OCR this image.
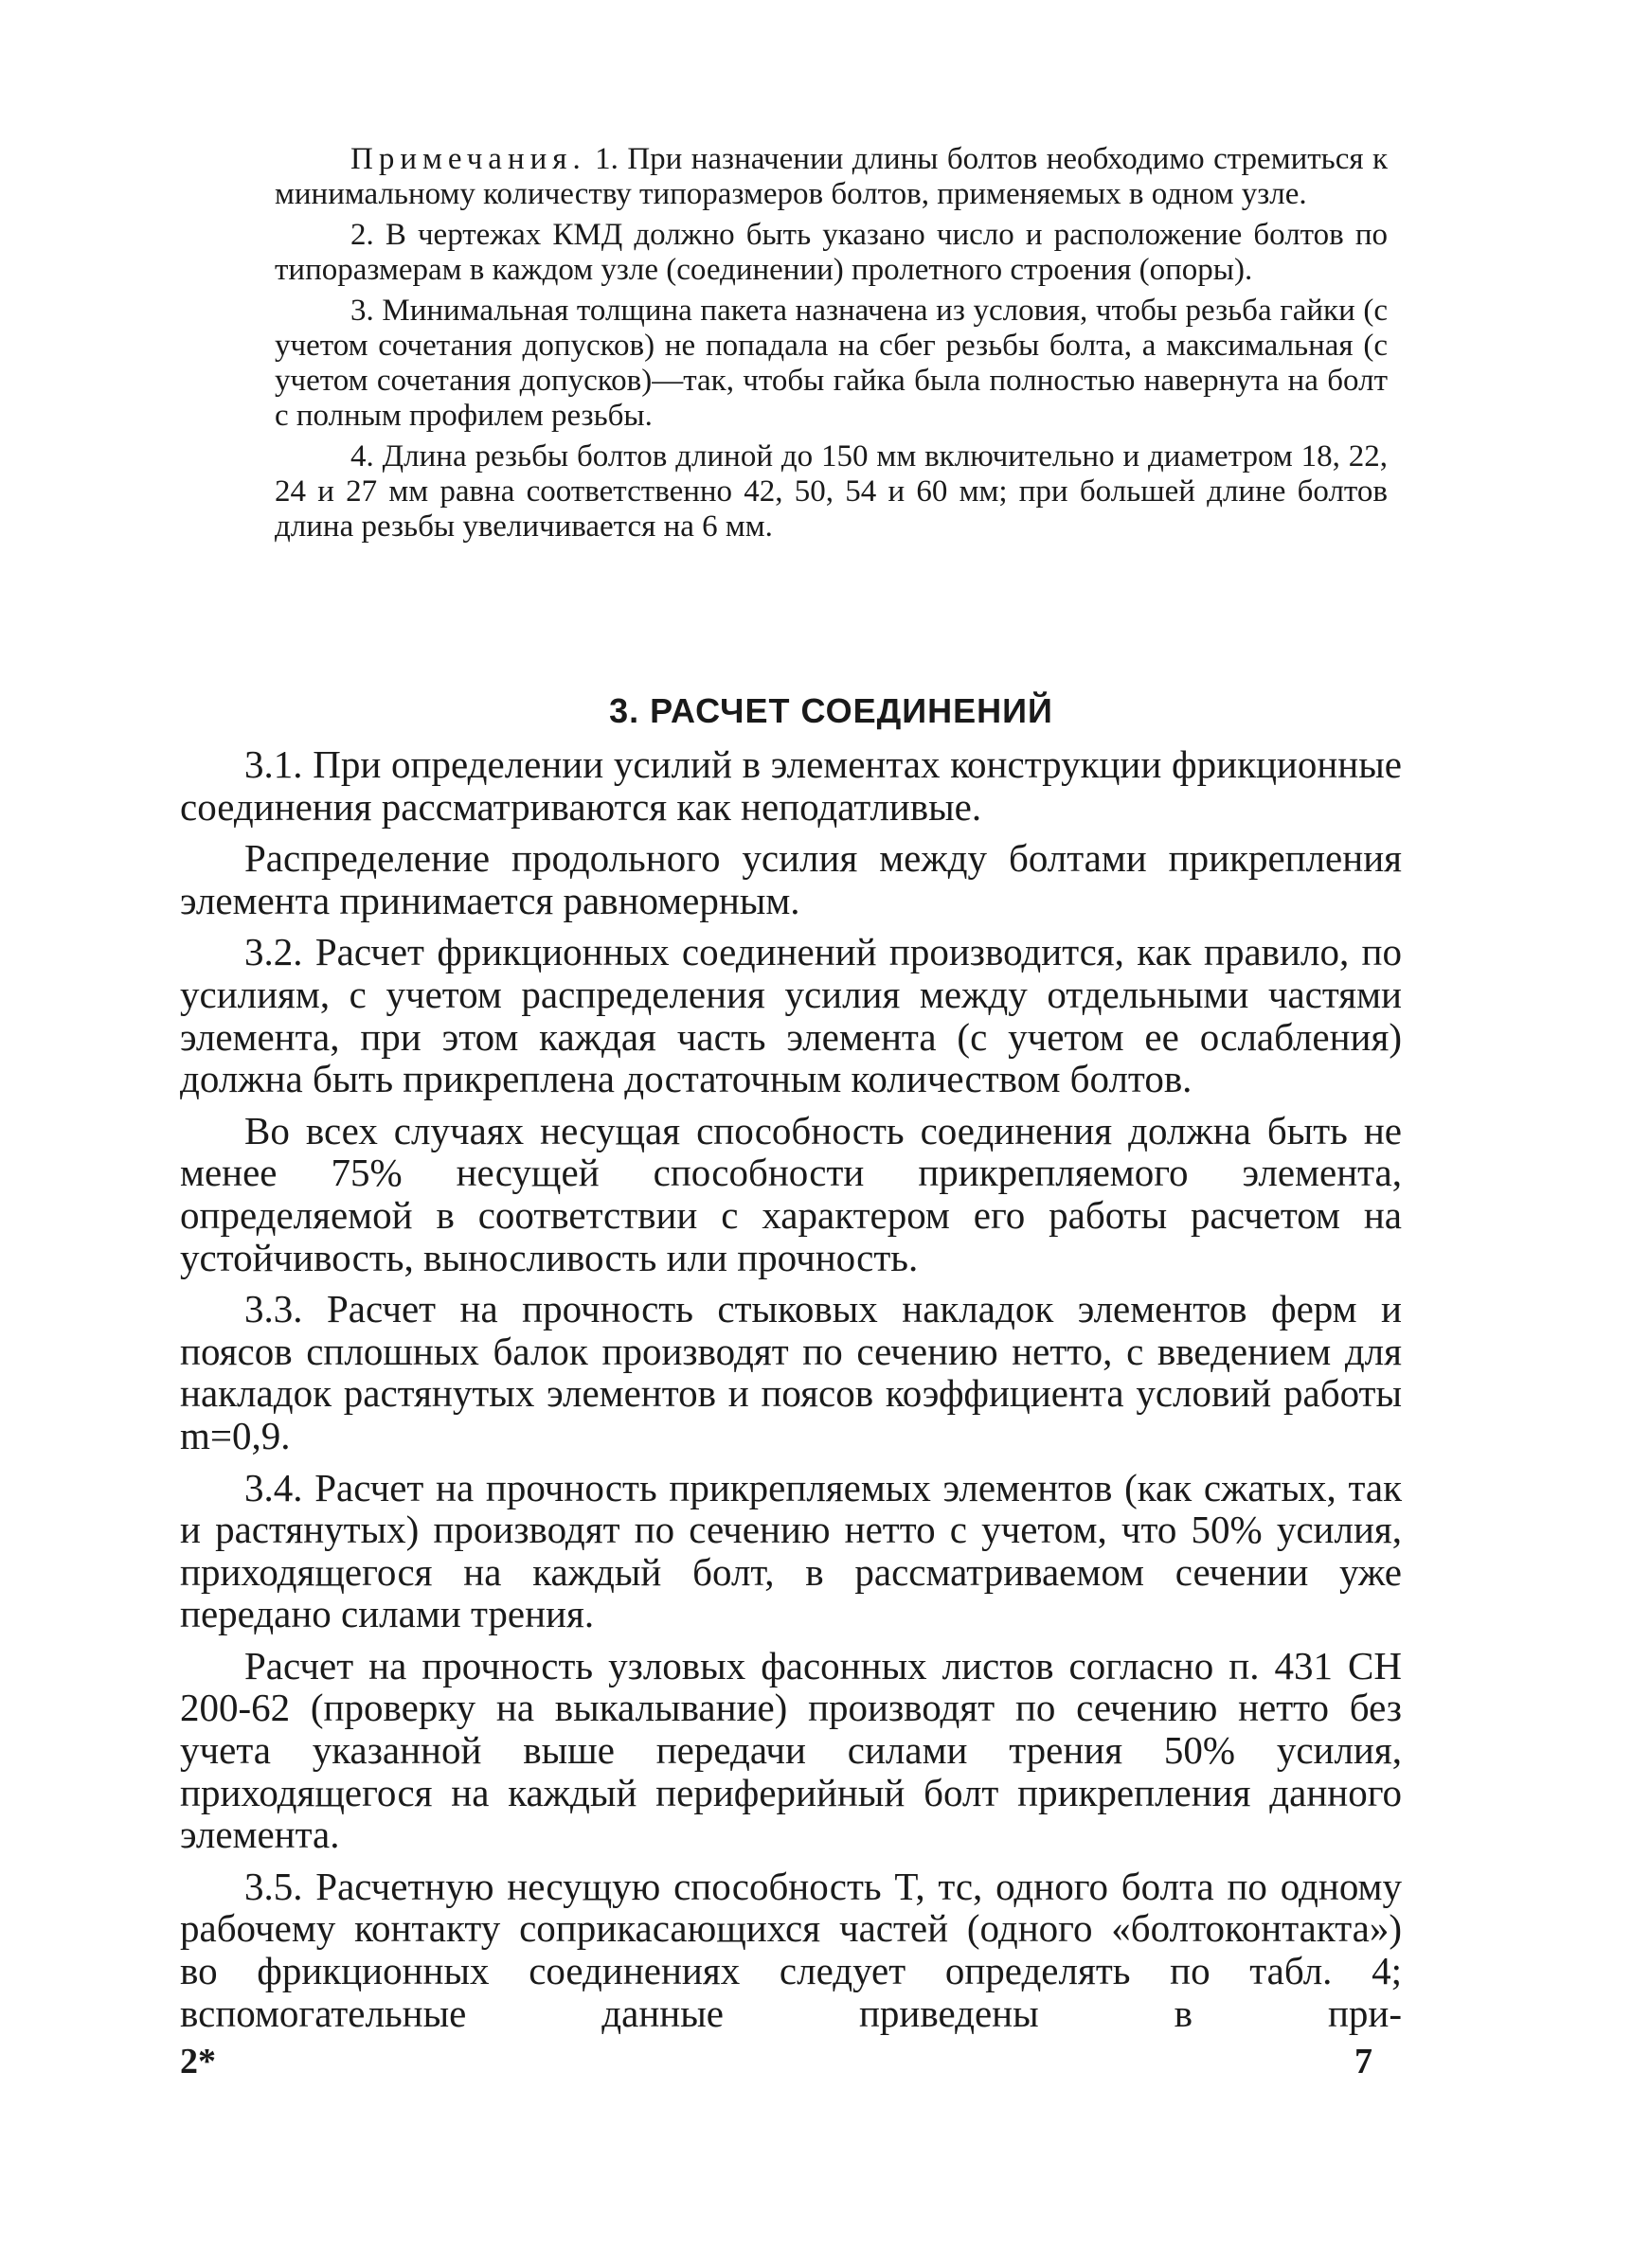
Примечания. 1. При назначении длины болтов необходимо стремиться к минимальному количеству типоразмеров болтов, применяемых в одном узле.

2. В чертежах КМД должно быть указано число и расположение болтов по типоразмерам в каждом узле (соединении) пролетного строения (опоры).

3. Минимальная толщина пакета назначена из условия, чтобы резьба гайки (с учетом сочетания допусков) не попадала на сбег резьбы болта, а максимальная (с учетом сочетания допусков)—так, чтобы гайка была полностью навернута на болт с полным профилем резьбы.

4. Длина резьбы болтов длиной до 150 мм включительно и диаметром 18, 22, 24 и 27 мм равна соответственно 42, 50, 54 и 60 мм; при большей длине болтов длина резьбы увеличивается на 6 мм.

3. РАСЧЕТ СОЕДИНЕНИЙ

3.1. При определении усилий в элементах конструкции фрикционные соединения рассматриваются как неподатливые.

Распределение продольного усилия между болтами прикрепления элемента принимается равномерным.

3.2. Расчет фрикционных соединений производится, как правило, по усилиям, с учетом распределения усилия между отдельными частями элемента, при этом каждая часть элемента (с учетом ее ослабления) должна быть прикреплена достаточным количеством болтов.

Во всех случаях несущая способность соединения должна быть не менее 75% несущей способности прикрепляемого элемента, определяемой в соответствии с характером его работы расчетом на устойчивость, выносливость или прочность.

3.3. Расчет на прочность стыковых накладок элементов ферм и поясов сплошных балок производят по сечению нетто, с введением для накладок растянутых элементов и поясов коэффициента условий работы m=0,9.

3.4. Расчет на прочность прикрепляемых элементов (как сжатых, так и растянутых) производят по сечению нетто с учетом, что 50% усилия, приходящегося на каждый болт, в рассматриваемом сечении уже передано силами трения.

Расчет на прочность узловых фасонных листов согласно п. 431 СН 200-62 (проверку на выкалывание) производят по сечению нетто без учета указанной выше передачи силами трения 50% усилия, приходящегося на каждый периферийный болт прикрепления данного элемента.

3.5. Расчетную несущую способность T, тс, одного болта по одному рабочему контакту соприкасающихся частей (одного «болтоконтакта») во фрикционных соединениях следует определять по табл. 4; вспомогательные данные приведены в при-

2*	7
